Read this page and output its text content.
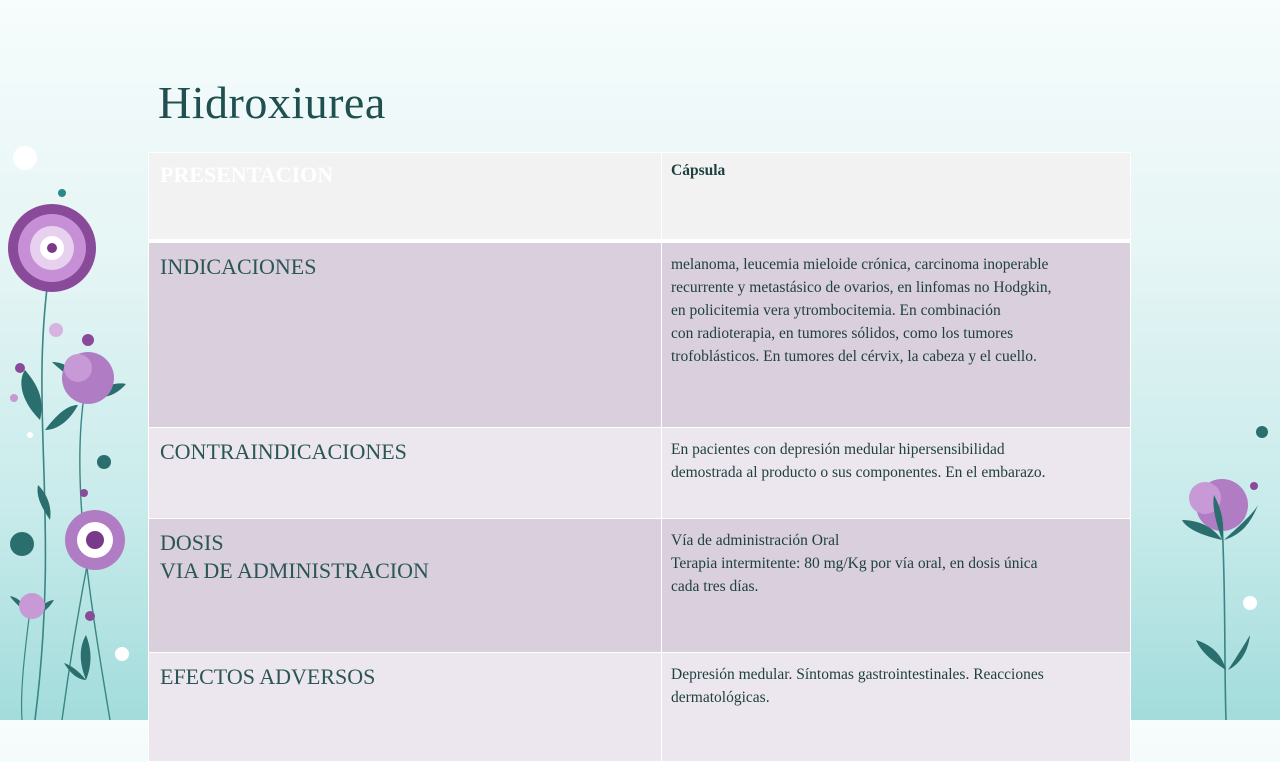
Hidroxiurea
PRESENTACION	Cápsula

INDICACIONES	melanoma, leucemia mieloide crónica, carcinoma inoperable
recurrente y metastásico de ovarios, en linfomas no Hodgkin,
en policitemia vera ytrombocitemia. En combinación
con radioterapia, en tumores sólidos, como los tumores
trofoblásticos. En tumores del cérvix, la cabeza y el cuello.

CONTRAINDICACIONES	En pacientes con depresión medular hipersensibilidad
demostrada al producto o sus componentes. En el embarazo.

DOSIS
VIA DE ADMINISTRACION	Vía de administración Oral
Terapia intermitente: 80 mg/Kg por vía oral, en dosis única
cada tres días.

EFECTOS ADVERSOS	Depresión medular. Síntomas gastrointestinales. Reacciones
dermatológicas.
